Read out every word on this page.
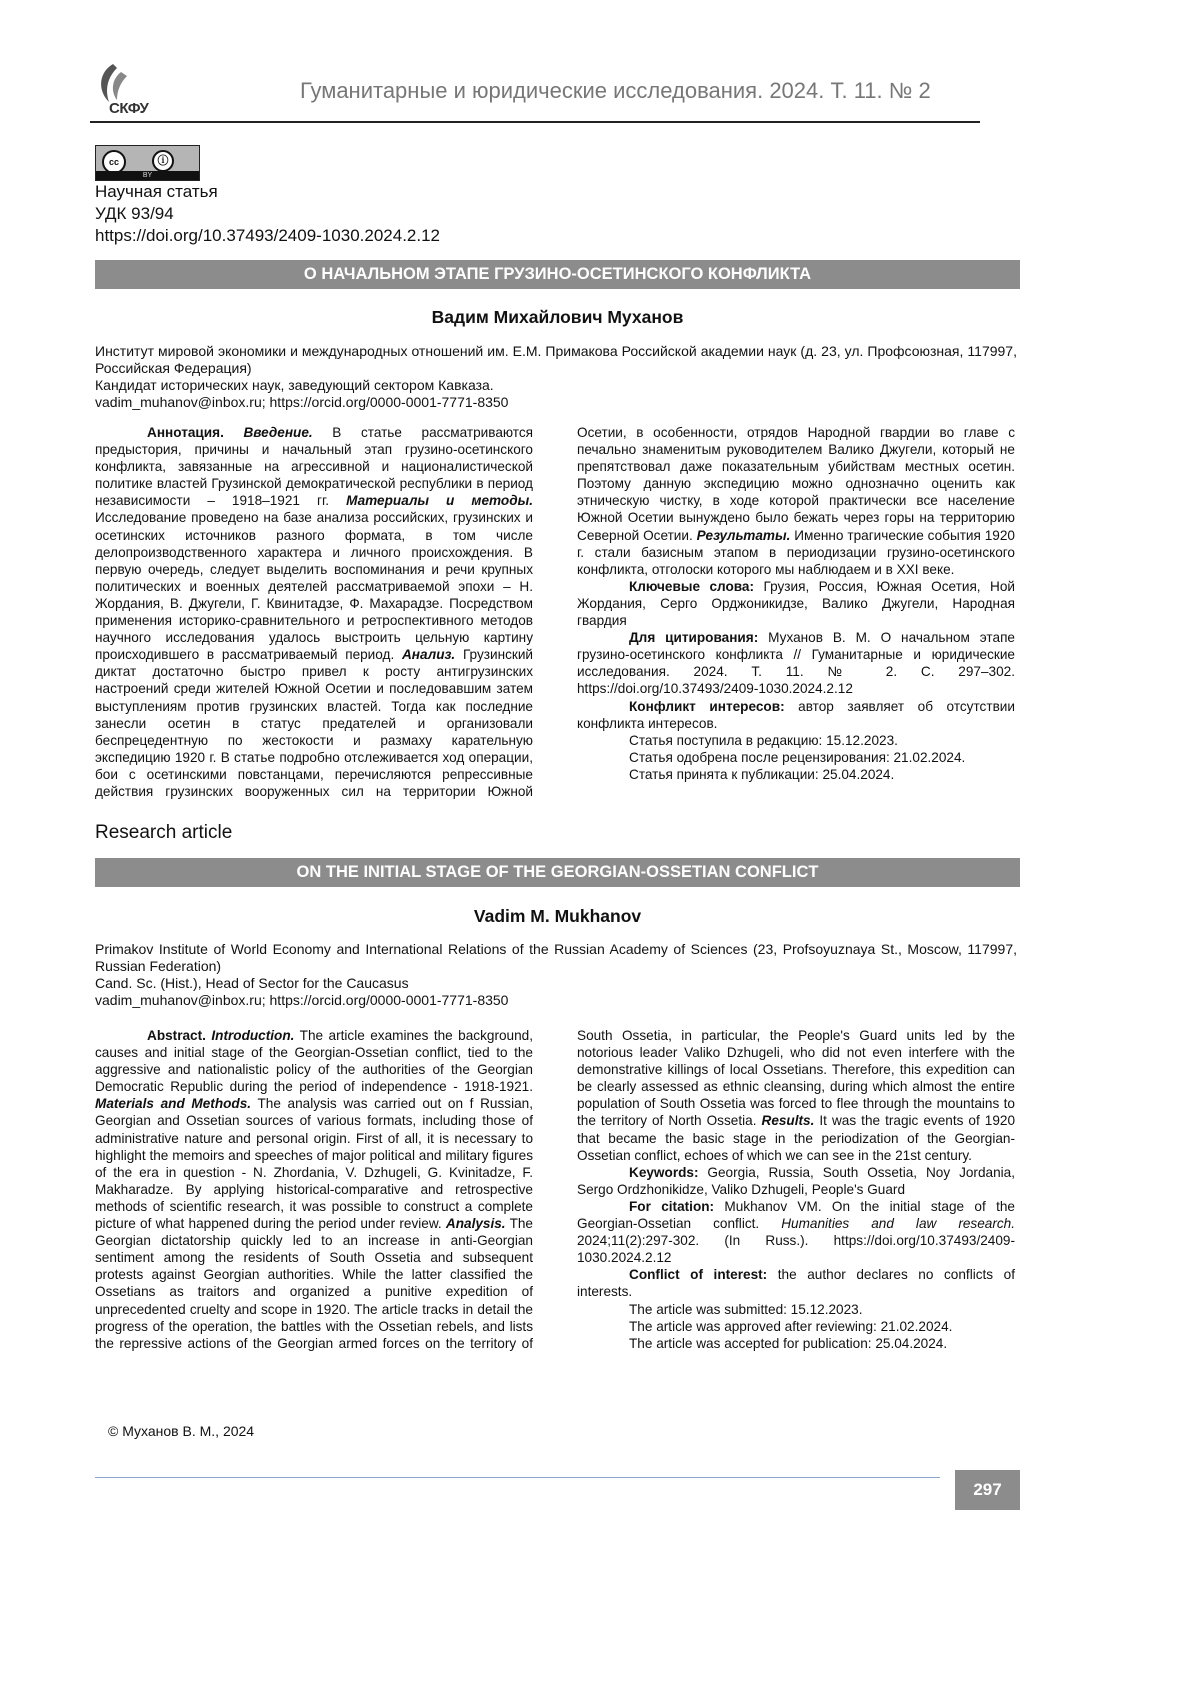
СКФУ
Гуманитарные и юридические исследования. 2024. Т. 11. № 2
cc	ⓘ
BY
Научная статья
УДК 93/94
https://doi.org/10.37493/2409-1030.2024.2.12
О НАЧАЛЬНОМ ЭТАПЕ ГРУЗИНО-ОСЕТИНСКОГО КОНФЛИКТА
Вадим Михайлович Муханов
Институт мировой экономики и международных отношений им. Е.М. Примакова Российской академии наук (д. 23, ул. Профсоюзная, 117997, Российская Федерация)
Кандидат исторических наук, заведующий сектором Кавказа.
vadim_muhanov@inbox.ru; https://orcid.org/0000-0001-7771-8350

Аннотация. Введение. В статье рассматриваются предыстория, причины и начальный этап грузино-осетинского конфликта, завязанные на агрессивной и националистической политике властей Грузинской демократической республики в период независимости – 1918–1921 гг. Материалы и методы. Исследование проведено на базе анализа российских, грузинских и осетинских источников разного формата, в том числе делопроизводственного характера и личного происхождения. В первую очередь, следует выделить воспоминания и речи крупных политических и военных деятелей рассматриваемой эпохи – Н. Жордания, В. Джугели, Г. Квинитадзе, Ф. Махарадзе. Посредством применения историко-сравнительного и ретроспективного методов научного исследования удалось выстроить цельную картину происходившего в рассматриваемый период. Анализ. Грузинский диктат достаточно быстро привел к росту антигрузинских настроений среди жителей Южной Осетии и последовавшим затем выступлениям против грузинских властей. Тогда как последние занесли осетин в статус предателей и организовали беспрецедентную по жестокости и размаху карательную экспедицию 1920 г. В статье подробно отслеживается ход операции, бои с осетинскими повстанцами, перечисляются репрессивные действия грузинских вооруженных сил на территории Южной Осетии, в особенности, отрядов Народной гвардии во главе с печально знаменитым руководителем Валико Джугели, который не препятствовал даже показательным убийствам местных осетин. Поэтому данную экспедицию можно однозначно оценить как этническую чистку, в ходе которой практически все население Южной Осетии вынуждено было бежать через горы на территорию Северной Осетии. Результаты. Именно трагические события 1920 г. стали базисным этапом в периодизации грузино-осетинского конфликта, отголоски которого мы наблюдаем и в XXI веке.

Ключевые слова: Грузия, Россия, Южная Осетия, Ной Жордания, Серго Орджоникидзе, Валико Джугели, Народная гвардия

Для цитирования: Муханов В. М. О начальном этапе грузино-осетинского конфликта // Гуманитарные и юридические исследования. 2024. Т. 11. № 2. С. 297–302. https://doi.org/10.37493/2409-1030.2024.2.12

Конфликт интересов: автор заявляет об отсутствии конфликта интересов.

Статья поступила в редакцию: 15.12.2023.

Статья одобрена после рецензирования: 21.02.2024.

Статья принята к публикации: 25.04.2024.

Research article
ON THE INITIAL STAGE OF THE GEORGIAN-OSSETIAN CONFLICT
Vadim M. Mukhanov
Primakov Institute of World Economy and International Relations of the Russian Academy of Sciences (23, Profsoyuznaya St., Moscow, 117997, Russian Federation)
Cand. Sc. (Hist.), Head of Sector for the Caucasus
vadim_muhanov@inbox.ru; https://orcid.org/0000-0001-7771-8350

Abstract. Introduction. The article examines the background, causes and initial stage of the Georgian-Ossetian conflict, tied to the aggressive and nationalistic policy of the authorities of the Georgian Democratic Republic during the period of independence - 1918-1921. Materials and Methods. The analysis was carried out on f Russian, Georgian and Ossetian sources of various formats, including those of administrative nature and personal origin. First of all, it is necessary to highlight the memoirs and speeches of major political and military figures of the era in question - N. Zhordania, V. Dzhugeli, G. Kvinitadze, F. Makharadze. By applying historical-comparative and retrospective methods of scientific research, it was possible to construct a complete picture of what happened during the period under review. Analysis. The Georgian dictatorship quickly led to an increase in anti-Georgian sentiment among the residents of South Ossetia and subsequent protests against Georgian authorities. While the latter classified the Ossetians as traitors and organized a punitive expedition of unprecedented cruelty and scope in 1920. The article tracks in detail the progress of the operation, the battles with the Ossetian rebels, and lists the repressive actions of the Georgian armed forces on the territory of South Ossetia, in particular, the People's Guard units led by the notorious leader Valiko Dzhugeli, who did not even interfere with the demonstrative killings of local Ossetians. Therefore, this expedition can be clearly assessed as ethnic cleansing, during which almost the entire population of South Ossetia was forced to flee through the mountains to the territory of North Ossetia. Results. It was the tragic events of 1920 that became the basic stage in the periodization of the Georgian-Ossetian conflict, echoes of which we can see in the 21st century.

Keywords: Georgia, Russia, South Ossetia, Noy Jordania, Sergo Ordzhonikidze, Valiko Dzhugeli, People's Guard

For citation: Mukhanov VM. On the initial stage of the Georgian-Ossetian conflict. Humanities and law research. 2024;11(2):297-302. (In Russ.). https://doi.org/10.37493/2409-1030.2024.2.12

Conflict of interest: the author declares no conflicts of interests.

The article was submitted: 15.12.2023.

The article was approved after reviewing: 21.02.2024.

The article was accepted for publication: 25.04.2024.

© Муханов В. М., 2024
297
